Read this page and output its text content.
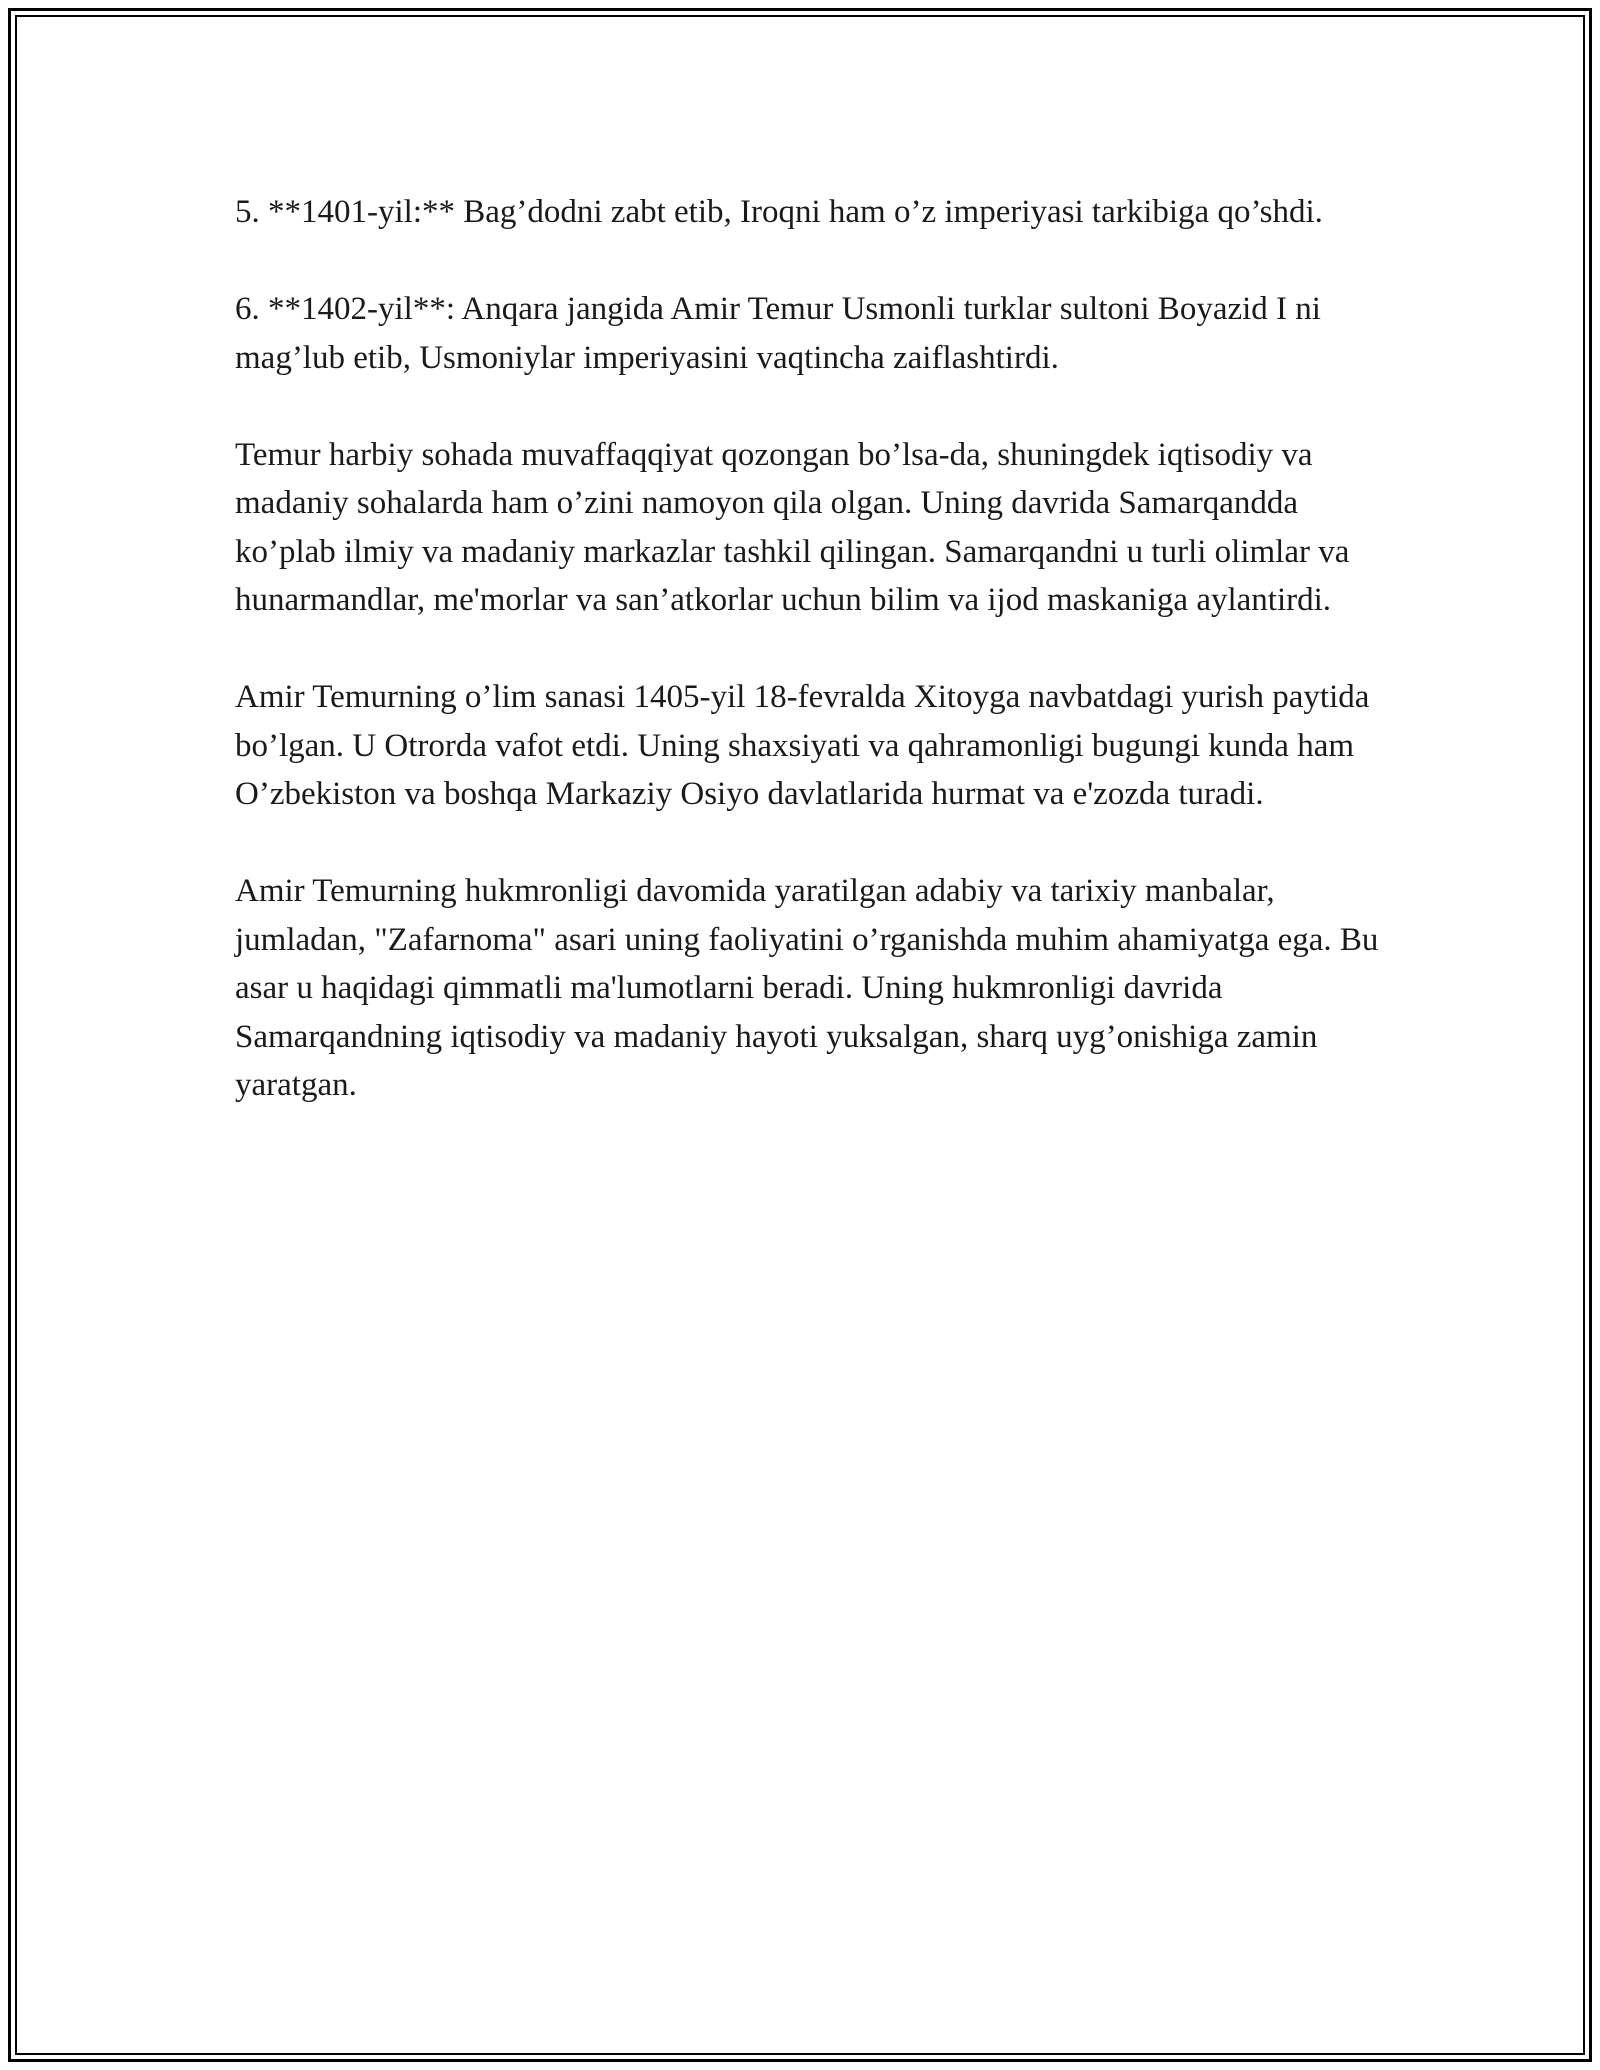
5. **1401-yil:** Bag’dodni zabt etib, Iroqni ham o’z imperiyasi tarkibiga qo’shdi.

6. **1402-yil**: Anqara jangida Amir Temur Usmonli turklar sultoni Boyazid I ni mag’lub etib, Usmoniylar imperiyasini vaqtincha zaiflashtirdi.

Temur harbiy sohada muvaffaqqiyat qozongan bo’lsa-da, shuningdek iqtisodiy va madaniy sohalarda ham o’zini namoyon qila olgan. Uning davrida Samarqandda ko’plab ilmiy va madaniy markazlar tashkil qilingan. Samarqandni u turli olimlar va hunarmandlar, me'morlar va san’atkorlar uchun bilim va ijod maskaniga aylantirdi.

Amir Temurning o’lim sanasi 1405-yil 18-fevralda Xitoyga navbatdagi yurish paytida bo’lgan. U Otrorda vafot etdi. Uning shaxsiyati va qahramonligi bugungi kunda ham O’zbekiston va boshqa Markaziy Osiyo davlatlarida hurmat va e'zozda turadi.

Amir Temurning hukmronligi davomida yaratilgan adabiy va tarixiy manbalar, jumladan, "Zafarnoma" asari uning faoliyatini o’rganishda muhim ahamiyatga ega. Bu asar u haqidagi qimmatli ma'lumotlarni beradi. Uning hukmronligi davrida Samarqandning iqtisodiy va madaniy hayoti yuksalgan, sharq uyg’onishiga zamin yaratgan.
